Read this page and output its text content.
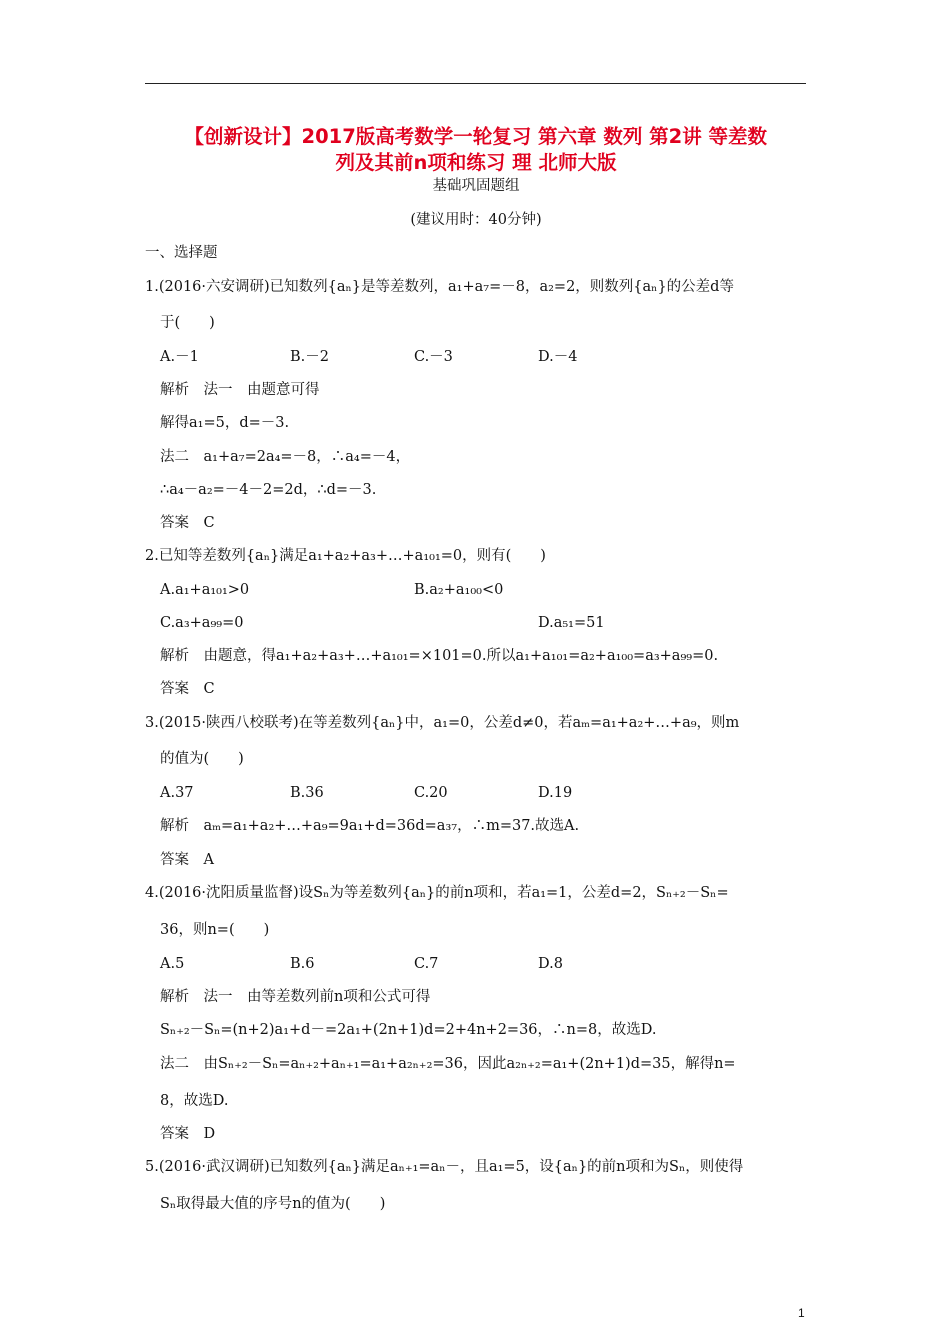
【创新设计】2017版高考数学一轮复习 第六章 数列 第2讲 等差数
列及其前n项和练习 理 北师大版
基础巩固题组
(建议用时：40分钟)
一、选择题
1.(2016·六安调研)已知数列{aₙ}是等差数列，a₁+a₇=－8，a₂=2，则数列{aₙ}的公差d等
于(　　)
A.－1	B.－2	C.－3	D.－4
解析　法一　由题意可得
解得a₁=5，d=－3.
法二　a₁+a₇=2a₄=－8，∴a₄=－4，
∴a₄－a₂=－4－2=2d，∴d=－3.
答案　C
2.已知等差数列{aₙ}满足a₁+a₂+a₃+…+a₁₀₁=0，则有(　　)
A.a₁+a₁₀₁>0	B.a₂+a₁₀₀<0
C.a₃+a₉₉=0	D.a₅₁=51
解析　由题意，得a₁+a₂+a₃+…+a₁₀₁=×101=0.所以a₁+a₁₀₁=a₂+a₁₀₀=a₃+a₉₉=0.
答案　C
3.(2015·陕西八校联考)在等差数列{aₙ}中，a₁=0，公差d≠0，若aₘ=a₁+a₂+…+a₉，则m
的值为(　　)
A.37	B.36	C.20	D.19
解析　aₘ=a₁+a₂+…+a₉=9a₁+d=36d=a₃₇，∴m=37.故选A.
答案　A
4.(2016·沈阳质量监督)设Sₙ为等差数列{aₙ}的前n项和，若a₁=1，公差d=2，Sₙ₊₂－Sₙ=
36，则n=(　　)
A.5	B.6	C.7	D.8
解析　法一　由等差数列前n项和公式可得
Sₙ₊₂－Sₙ=(n+2)a₁+d－=2a₁+(2n+1)d=2+4n+2=36，∴n=8，故选D.
法二　由Sₙ₊₂－Sₙ=aₙ₊₂+aₙ₊₁=a₁+a₂ₙ₊₂=36，因此a₂ₙ₊₂=a₁+(2n+1)d=35，解得n=
8，故选D.
答案　D
5.(2016·武汉调研)已知数列{aₙ}满足aₙ₊₁=aₙ－，且a₁=5，设{aₙ}的前n项和为Sₙ，则使得
Sₙ取得最大值的序号n的值为(　　)
1
